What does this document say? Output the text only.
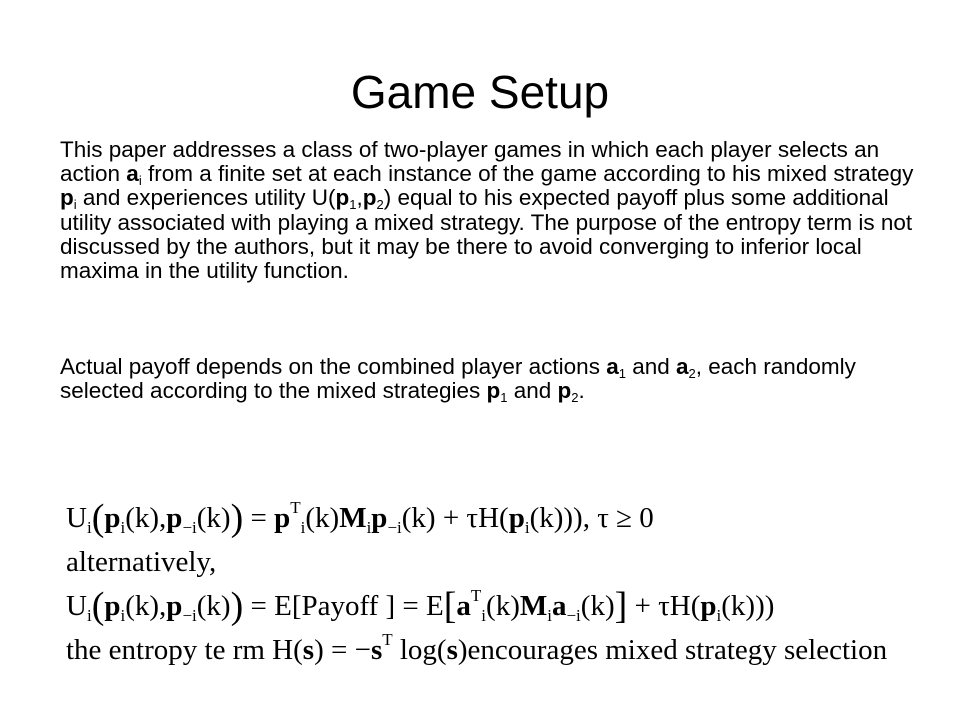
Game Setup
This paper addresses a class of two-player games in which each player selects an action $a_i$ from a finite set at each instance of the game according to his mixed strategy $p_i$ and experiences utility $U(p_1,p_2)$ equal to his expected payoff plus some additional utility associated with playing a mixed strategy. The purpose of the entropy term is not discussed by the authors, but it may be there to avoid converging to inferior local maxima in the utility function.
Actual payoff depends on the combined player actions $a_1$ and $a_2$, each randomly selected according to the mixed strategies $p_1$ and $p_2$.
$U_i(p_i(k),p_{-i}(k)) = p^T_i(k)M_ip_{-i}(k) + \tau H(p_i(k))$), τ ≥ 0
alternatively,
$U_i(p_i(k),p_{-i}(k))$ = E[Payoff ] = $E[a^T_i(k)M_ia_{-i}(k)] + \tau H(p_i(k))$)
the entropy te rm $H(s) = -s^T$ log(s)encourages mixed strategy selection
